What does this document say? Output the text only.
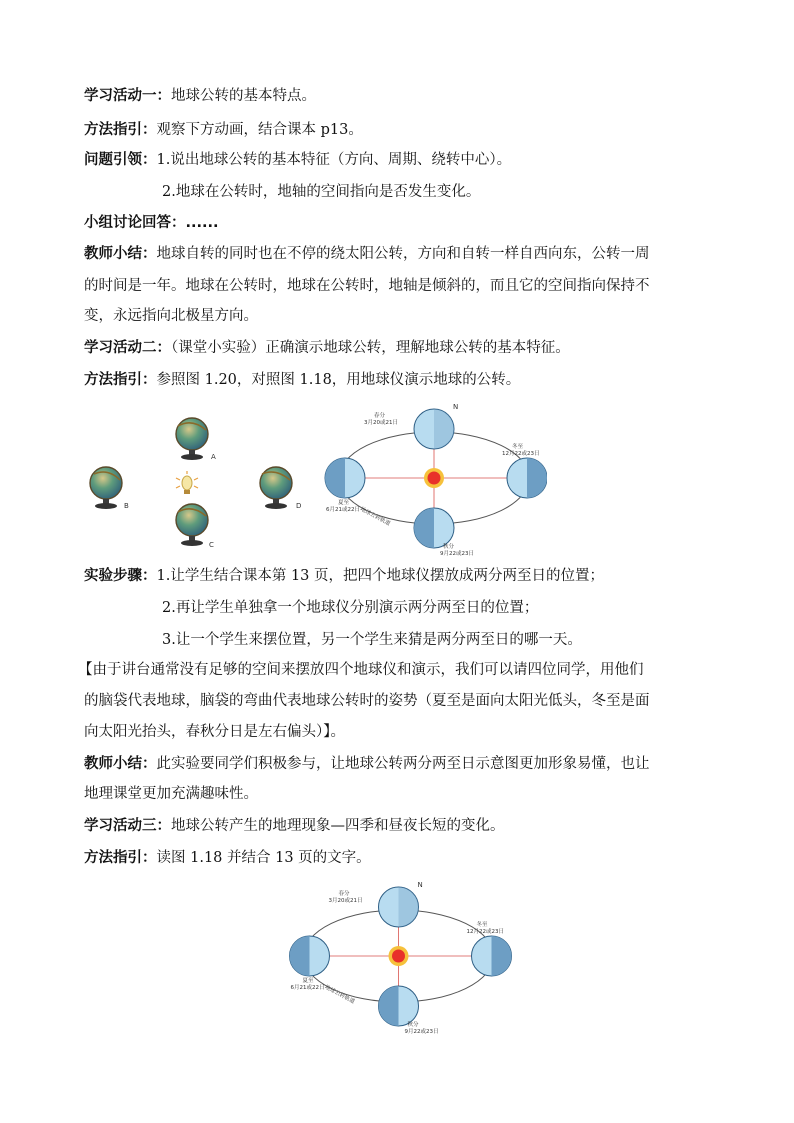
学习活动一：地球公转的基本特点。
方法指引：观察下方动画，结合课本 p13。
问题引领：1.说出地球公转的基本特征（方向、周期、绕转中心）。
2.地球在公转时，地轴的空间指向是否发生变化。
小组讨论回答：......
教师小结：地球自转的同时也在不停的绕太阳公转，方向和自转一样自西向东，公转一周
的时间是一年。地球在公转时，地球在公转时，地轴是倾斜的，而且它的空间指向保持不
变，永远指向北极星方向。
学习活动二：（课堂小实验）正确演示地球公转，理解地球公转的基本特征。
方法指引：参照图 1.20，对照图 1.18，用地球仪演示地球的公转。
A
B
C
D
N
春分
3月20或21日
冬至
12月22或23日
夏至
6月21或22日
秋分
9月22或23日
地球公转轨道
实验步骤：1.让学生结合课本第 13 页，把四个地球仪摆放成两分两至日的位置；
2.再让学生单独拿一个地球仪分别演示两分两至日的位置；
3.让一个学生来摆位置，另一个学生来猜是两分两至日的哪一天。
【由于讲台通常没有足够的空间来摆放四个地球仪和演示，我们可以请四位同学，用他们
的脑袋代表地球，脑袋的弯曲代表地球公转时的姿势（夏至是面向太阳光低头，冬至是面
向太阳光抬头，春秋分日是左右偏头）】。
教师小结：此实验要同学们积极参与，让地球公转两分两至日示意图更加形象易懂，也让
地理课堂更加充满趣味性。
学习活动三：地球公转产生的地理现象—四季和昼夜长短的变化。
方法指引：读图 1.18 并结合 13 页的文字。
N
春分
3月20或21日
冬至
12月22或23日
夏至
6月21或22日
秋分
9月22或23日
地球公转轨道
